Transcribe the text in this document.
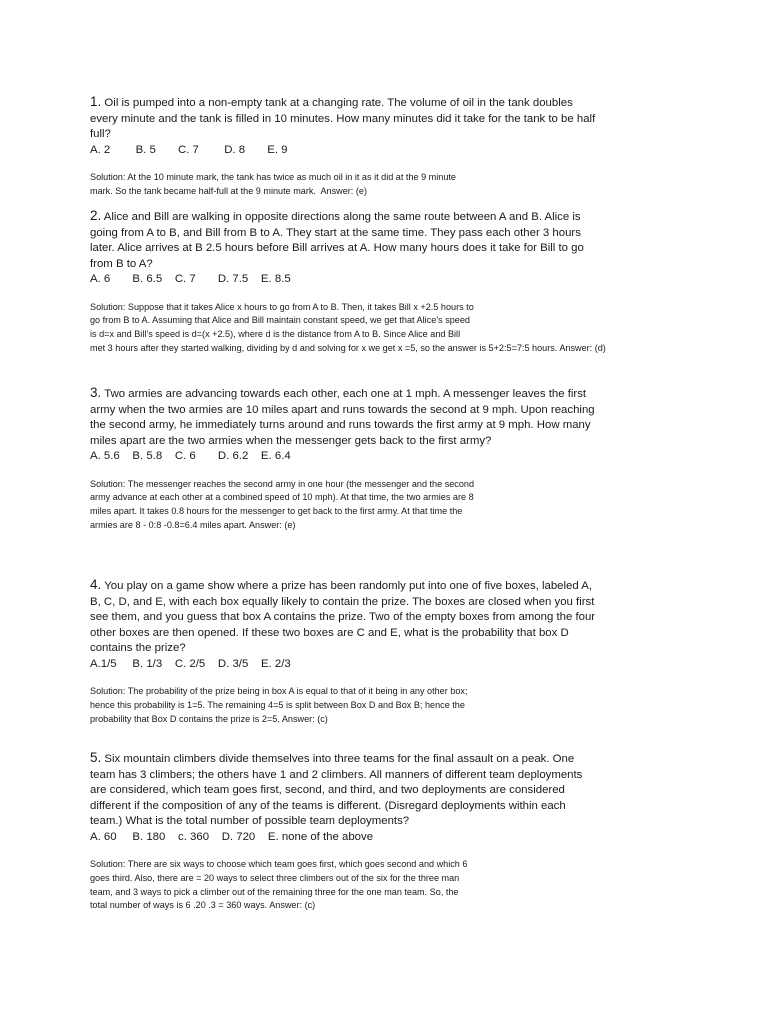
1. Oil is pumped into a non-empty tank at a changing rate. The volume of oil in the tank doubles every minute and the tank is filled in 10 minutes. How many minutes did it take for the tank to be half full?

A. 2        B. 5       C. 7        D. 8       E. 9

Solution: At the 10 minute mark, the tank has twice as much oil in it as it did at the 9 minute
mark. So the tank became half-full at the 9 minute mark.  Answer: (e)

2. Alice and Bill are walking in opposite directions along the same route between A and B. Alice is going from A to B, and Bill from B to A. They start at the same time. They pass each other 3 hours later. Alice arrives at B 2.5 hours before Bill arrives at A. How many hours does it take for Bill to go from B to A?

A. 6       B. 6.5    C. 7       D. 7.5    E. 8.5

Solution: Suppose that it takes Alice x hours to go from A to B. Then, it takes Bill x +2.5 hours to
go from B to A. Assuming that Alice and Bill maintain constant speed, we get that Alice’s speed
is d=x and Bill’s speed is d=(x +2.5), where d is the distance from A to B. Since Alice and Bill
met 3 hours after they started walking, dividing by d and solving for x we get x =5, so the answer is 5+2:5=7:5 hours. Answer: (d)

3. Two armies are advancing towards each other, each one at 1 mph. A messenger leaves the first army when the two armies are 10 miles apart and runs towards the second at 9 mph. Upon reaching the second army, he immediately turns around and runs towards the first army at 9 mph. How many miles apart are the two armies when the messenger gets back to the first army?

A. 5.6    B. 5.8    C. 6       D. 6.2    E. 6.4

Solution: The messenger reaches the second army in one hour (the messenger and the second
army advance at each other at a combined speed of 10 mph). At that time, the two armies are 8
miles apart. It takes 0.8 hours for the messenger to get back to the first army. At that time the
armies are 8 - 0:8 -0.8=6.4 miles apart. Answer: (e)

4. You play on a game show where a prize has been randomly put into one of five boxes, labeled A, B, C, D, and E, with each box equally likely to contain the prize. The boxes are closed when you first see them, and you guess that box A contains the prize. Two of the empty boxes from among the four other boxes are then opened. If these two boxes are C and E, what is the probability that box D contains the prize?

A.1/5     B. 1/3    C. 2/5    D. 3/5    E. 2/3

Solution: The probability of the prize being in box A is equal to that of it being in any other box;
hence this probability is 1=5. The remaining 4=5 is split between Box D and Box B; hence the
probability that Box D contains the prize is 2=5. Answer: (c)

5. Six mountain climbers divide themselves into three teams for the final assault on a peak. One team has 3 climbers; the others have 1 and 2 climbers. All manners of different team deployments are considered, which team goes first, second, and third, and two deployments are considered different if the composition of any of the teams is different. (Disregard deployments within each team.) What is the total number of possible team deployments?

A. 60     B. 180    c. 360    D. 720    E. none of the above

Solution: There are six ways to choose which team goes first, which goes second and which 6
goes third. Also, there are = 20 ways to select three climbers out of the six for the three man
team, and 3 ways to pick a climber out of the remaining three for the one man team. So, the
total number of ways is 6 .20 .3 = 360 ways. Answer: (c)
